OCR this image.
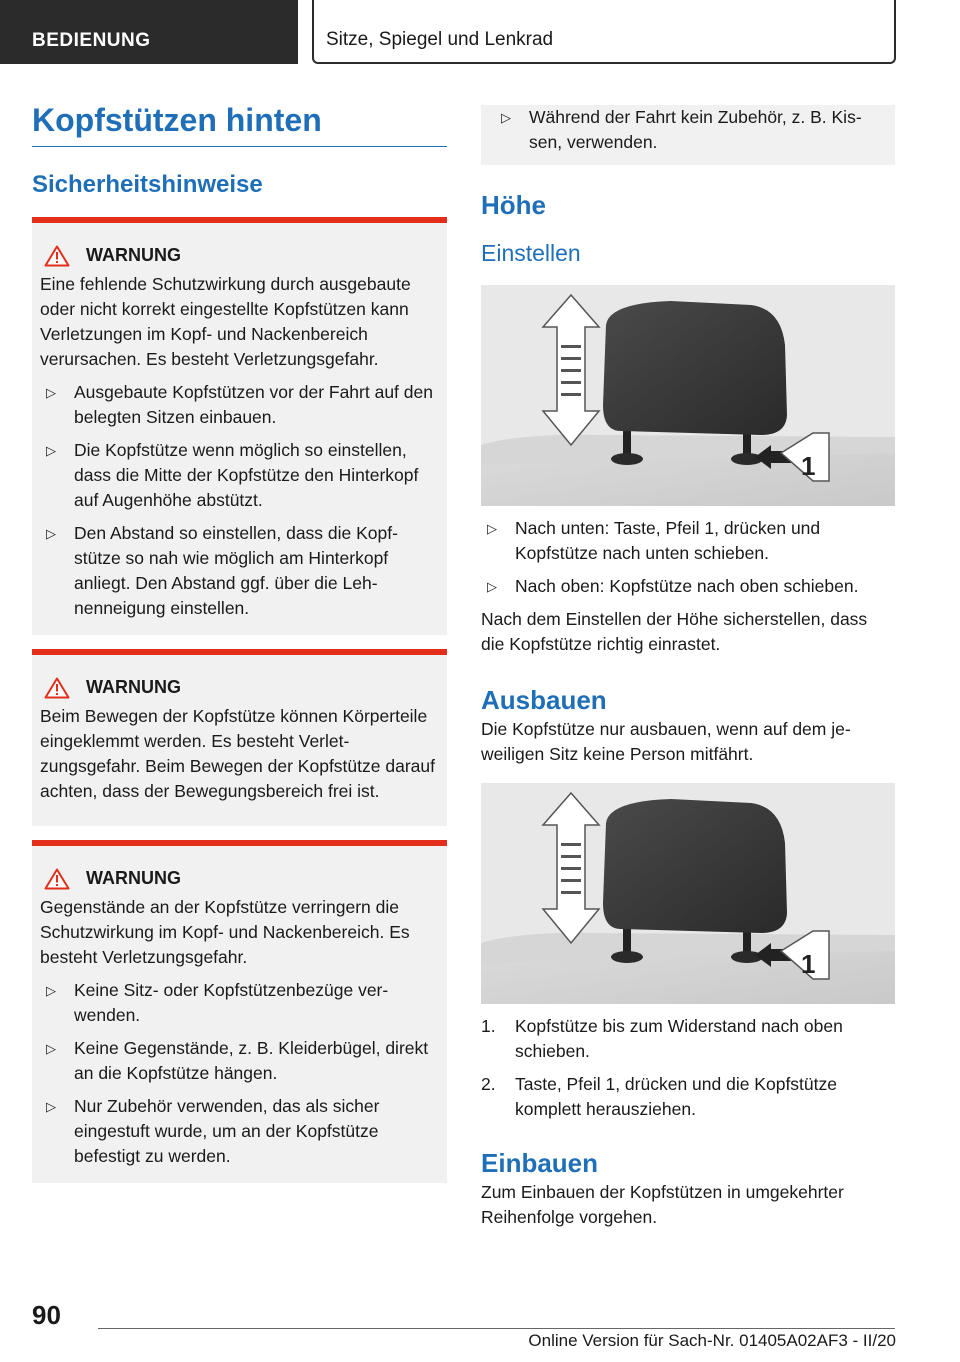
BEDIENUNG	Sitze, Spiegel und Lenkrad
Kopfstützen hinten
Sicherheitshinweise
WARNUNG

Eine fehlende Schutzwirkung durch ausgebaute oder nicht korrekt eingestellte Kopfstützen kann Verletzungen im Kopf- und Nackenbereich verursachen. Es besteht Verletzungsgefahr.

▷ Ausgebaute Kopfstützen vor der Fahrt auf den belegten Sitzen einbauen.
▷ Die Kopfstütze wenn möglich so einstellen, dass die Mitte der Kopfstütze den Hinterkopf auf Augenhöhe abstützt.
▷ Den Abstand so einstellen, dass die Kopfstütze so nah wie möglich am Hinterkopf anliegt. Den Abstand ggf. über die Lehnenneigung einstellen.
WARNUNG

Beim Bewegen der Kopfstütze können Körperteile eingeklemmt werden. Es besteht Verletzungsgefahr. Beim Bewegen der Kopfstütze darauf achten, dass der Bewegungsbereich frei ist.

WARNUNG

Gegenstände an der Kopfstütze verringern die Schutzwirkung im Kopf- und Nackenbereich. Es besteht Verletzungsgefahr.

▷ Keine Sitz- oder Kopfstützenbezüge verwenden.
▷ Keine Gegenstände, z. B. Kleiderbügel, direkt an die Kopfstütze hängen.
▷ Nur Zubehör verwenden, das als sicher eingestuft wurde, um an der Kopfstütze befestigt zu werden.
▷	Während der Fahrt kein Zubehör, z. B. Kissen, verwenden.
Höhe
Einstellen
1
▷ Nach unten: Taste, Pfeil 1, drücken und Kopfstütze nach unten schieben.
▷ Nach oben: Kopfstütze nach oben schieben.

Nach dem Einstellen der Höhe sicherstellen, dass die Kopfstütze richtig einrastet.

Ausbauen

Die Kopfstütze nur ausbauen, wenn auf dem jeweiligen Sitz keine Person mitfährt.

1
1. Kopfstütze bis zum Widerstand nach oben schieben.
2. Taste, Pfeil 1, drücken und die Kopfstütze komplett herausziehen.
Einbauen

Zum Einbauen der Kopfstützen in umgekehrter Reihenfolge vorgehen.

90
Online Version für Sach-Nr. 01405A02AF3 - II/20
